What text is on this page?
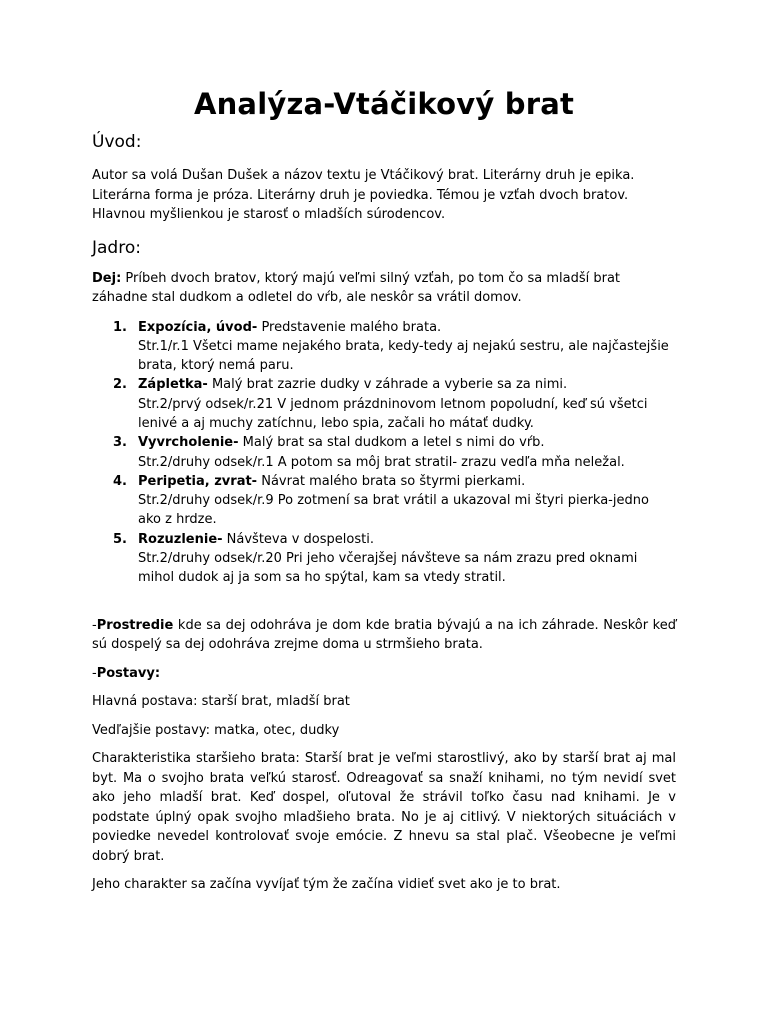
Analýza-Vtáčikový brat
Úvod:

Autor sa volá Dušan Dušek a názov textu je Vtáčikový brat. Literárny druh je epika. Literárna forma je próza. Literárny druh je poviedka. Témou je vzťah dvoch bratov. Hlavnou myšlienkou je starosť o mladších súrodencov.

Jadro:

Dej: Príbeh dvoch bratov, ktorý majú veľmi silný vzťah, po tom čo sa mladší brat záhadne stal dudkom a odletel do vŕb, ale neskôr sa vrátil domov.

1. Expozícia, úvod- Predstavenie malého brata.
Str.1/r.1 Všetci mame nejakého brata, kedy-tedy aj nejakú sestru, ale najčastejšie brata, ktorý nemá paru.
2. Zápletka- Malý brat zazrie dudky v záhrade a vyberie sa za nimi.
Str.2/prvý odsek/r.21 V jednom prázdninovom letnom popoludní, keď sú všetci lenivé a aj muchy zatíchnu, lebo spia, začali ho mátať dudky.
3. Vyvrcholenie- Malý brat sa stal dudkom a letel s nimi do vŕb.
Str.2/druhy odsek/r.1 A potom sa môj brat stratil- zrazu vedľa mňa neležal.
4. Peripetia, zvrat- Návrat malého brata so štyrmi pierkami.
Str.2/druhy odsek/r.9 Po zotmení sa brat vrátil a ukazoval mi štyri pierka-jedno ako z hrdze.
5. Rozuzlenie- Návšteva v dospelosti.
Str.2/druhy odsek/r.20 Pri jeho včerajšej návšteve sa nám zrazu pred oknami mihol dudok aj ja som sa ho spýtal, kam sa vtedy stratil.

-Prostredie kde sa dej odohráva je dom kde bratia bývajú a na ich záhrade. Neskôr keď sú dospelý sa dej odohráva zrejme doma u strmšieho brata.

-Postavy:

Hlavná postava: starší brat, mladší brat

Vedľajšie postavy: matka, otec, dudky

Charakteristika staršieho brata: Starší brat je veľmi starostlivý, ako by starší brat aj mal byt. Ma o svojho brata veľkú starosť. Odreagovať sa snaží knihami, no tým nevidí svet ako jeho mladší brat. Keď dospel, oľutoval že strávil toľko času nad knihami. Je v podstate úplný opak svojho mladšieho brata. No je aj citlivý. V niektorých situáciách v poviedke nevedel kontrolovať svoje emócie. Z hnevu sa stal plač. Všeobecne je veľmi dobrý brat.

Jeho charakter sa začína vyvíjať tým že začína vidieť svet ako je to brat.
